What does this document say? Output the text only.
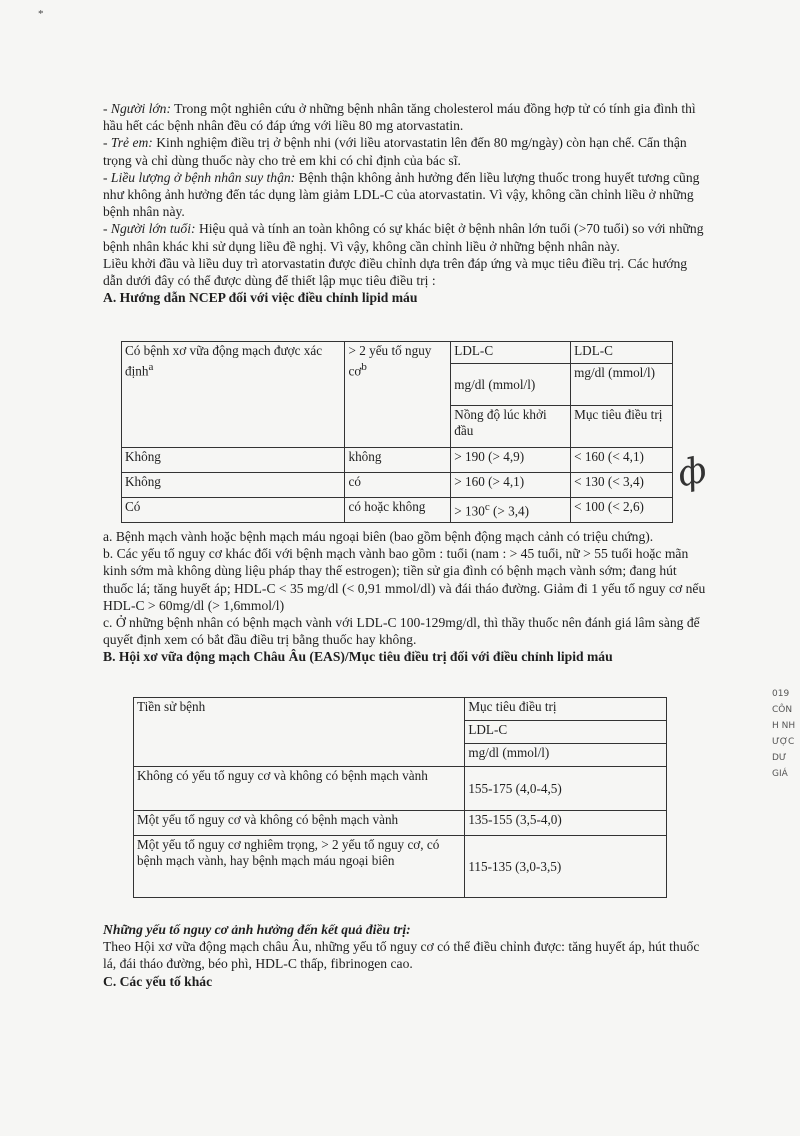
*

- Người lớn: Trong một nghiên cứu ở những bệnh nhân tăng cholesterol máu đồng hợp tử có tính gia đình thì hầu hết các bệnh nhân đều có đáp ứng với liều 80 mg atorvastatin.

- Trẻ em: Kinh nghiệm điều trị ở bệnh nhi (với liều atorvastatin lên đến 80 mg/ngày) còn hạn chế. Cẩn thận trọng và chỉ dùng thuốc này cho trẻ em khi có chỉ định của bác sĩ.

- Liều lượng ở bệnh nhân suy thận: Bệnh thận không ảnh hưởng đến liều lượng thuốc trong huyết tương cũng như không ảnh hưởng đến tác dụng làm giảm LDL-C của atorvastatin. Vì vậy, không cần chỉnh liều ở những bệnh nhân này.

- Người lớn tuổi: Hiệu quả và tính an toàn không có sự khác biệt ở bệnh nhân lớn tuổi (>70 tuổi) so với những bệnh nhân khác khi sử dụng liều đề nghị. Vì vậy, không cần chỉnh liều ở những bệnh nhân này.

Liều khởi đầu và liều duy trì atorvastatin được điều chỉnh dựa trên đáp ứng và mục tiêu điều trị. Các hướng dẫn dưới đây có thể được dùng để thiết lập mục tiêu điều trị :

A. Hướng dẫn NCEP đối với việc điều chỉnh lipid máu
Có bệnh xơ vữa động mạch được xác định$^a$	> 2 yếu tố nguy $cơ^b$	LDL-C	LDL-C
		mg/dl (mmol/l)	mg/dl (mmol/l)
		Nồng độ lúc khởi đầu	Mục tiêu điều trị
Không	không	> 190 (> 4,9)	< 160 (< 4,1)
Không	có	> 160 (> 4,1)	< 130 (< 3,4)
Có	có hoặc không	> $130^c$ (> 3,4)	< 100 (< 2,6)
ф

a. Bệnh mạch vành hoặc bệnh mạch máu ngoại biên (bao gồm bệnh động mạch cảnh có triệu chứng).

b. Các yếu tố nguy cơ khác đối với bệnh mạch vành bao gồm : tuổi (nam : > 45 tuổi, nữ > 55 tuổi hoặc mãn kinh sớm mà không dùng liệu pháp thay thế estrogen); tiền sử gia đình có bệnh mạch vành sớm; đang hút thuốc lá; tăng huyết áp; HDL-C < 35 mg/dl (< 0,91 mmol/dl) và đái tháo đường. Giảm đi 1 yếu tố nguy cơ nếu HDL-C > 60mg/dl (> 1,6mmol/l)

c. Ở những bệnh nhân có bệnh mạch vành với LDL-C 100-129mg/dl, thì thầy thuốc nên đánh giá lâm sàng để quyết định xem có bắt đầu điều trị bằng thuốc hay không.

B. Hội xơ vữa động mạch Châu Âu (EAS)/Mục tiêu điều trị đối với điều chỉnh lipid máu
Tiền sử bệnh	Mục tiêu điều trị
	LDL-C
	mg/dl (mmol/l)
Không có yếu tố nguy cơ và không có bệnh mạch vành	155-175 (4,0-4,5)
Một yếu tố nguy cơ và không có bệnh mạch vành	135-155 (3,5-4,0)
Một yếu tố nguy cơ nghiêm trọng, > 2 yếu tố nguy cơ, có bệnh mạch vành, hay bệnh mạch máu ngoại biên	115-135 (3,0-3,5)

Những yếu tố nguy cơ ảnh hưởng đến kết quả điều trị:

Theo Hội xơ vữa động mạch châu Âu, những yếu tố nguy cơ có thể điều chỉnh được: tăng huyết áp, hút thuốc lá, đái tháo đường, béo phì, HDL-C thấp, fibrinogen cao.

C. Các yếu tố khác
019
CÔN
H NH
ƯỢC
DƯ
GIÁ
